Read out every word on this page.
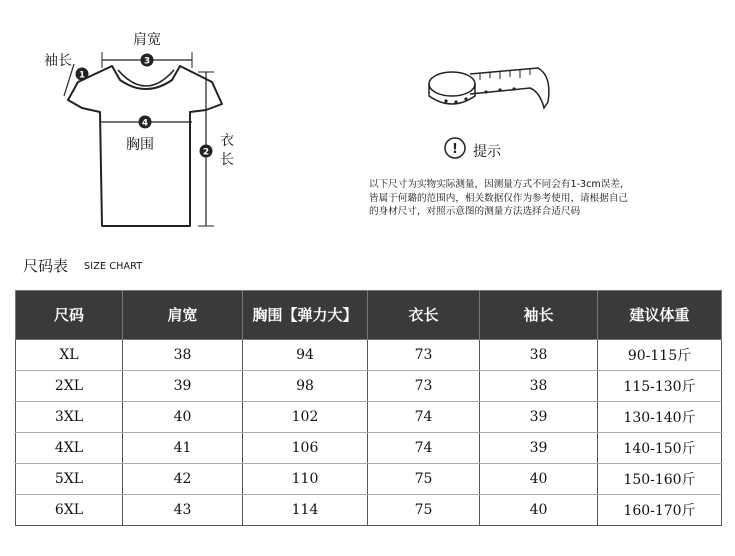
3
1
4
2
肩宽
袖长
胸围	衣
长
! 提示
以下尺寸为实物实际测量，因测量方式不同会有1-3cm误差，
皆属于何璐的范围内，相关数据仅作为参考使用，请根据自己
的身材尺寸，对照示意图的测量方法选择合适尺码
尺码表 SIZE CHART
尺码	肩宽	胸围【弹力大】	衣长	袖长	建议体重
XL	38	94	73	38	90-115斤
2XL	39	98	73	38	115-130斤
3XL	40	102	74	39	130-140斤
4XL	41	106	74	39	140-150斤
5XL	42	110	75	40	150-160斤
6XL	43	114	75	40	160-170斤
